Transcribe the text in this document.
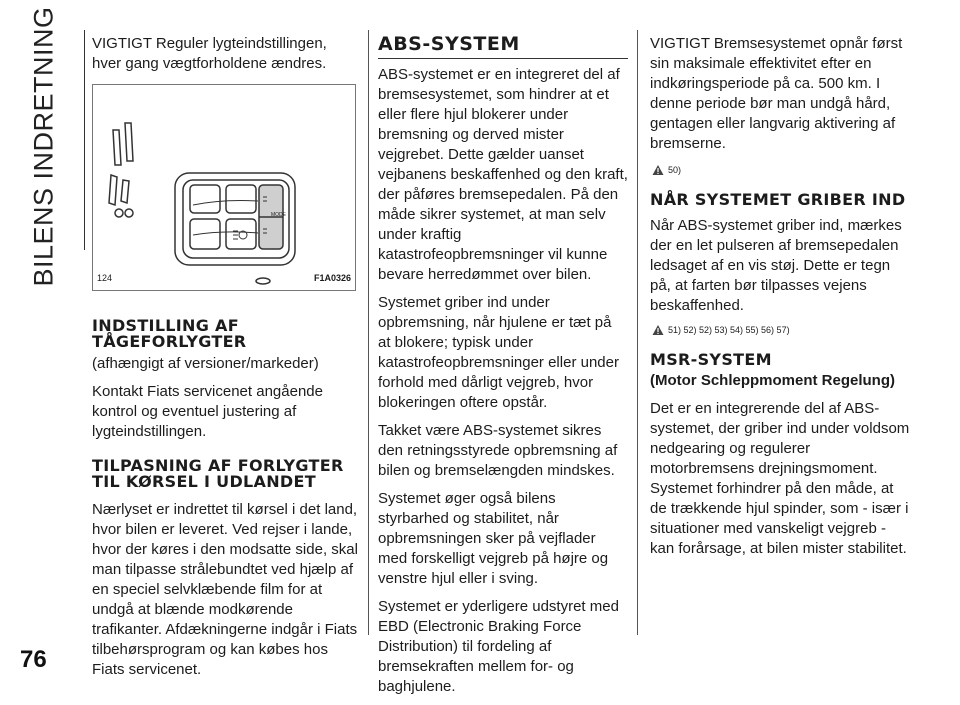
BILENS INDRETNING
76

VIGTIGT Reguler lygteindstillingen, hver gang vægtforholdene ændres.

MODE
124	F1A0326
INDSTILLING AF TÅGEFORLYGTER

(afhængigt af versioner/markeder)

Kontakt Fiats servicenet angående kontrol og eventuel justering af lygteindstillingen.

TILPASNING AF FORLYGTER TIL KØRSEL I UDLANDET

Nærlyset er indrettet til kørsel i det land, hvor bilen er leveret. Ved rejser i lande, hvor der køres i den modsatte side, skal man tilpasse strålebundtet ved hjælp af en speciel selvklæbende film for at undgå at blænde modkørende trafikanter. Afdækningerne indgår i Fiats tilbehørsprogram og kan købes hos Fiats servicenet.

ABS-SYSTEM

ABS-systemet er en integreret del af bremsesystemet, som hindrer at et eller flere hjul blokerer under bremsning og derved mister vejgrebet. Dette gælder uanset vejbanens beskaffenhed og den kraft, der påføres bremsepedalen. På den måde sikrer systemet, at man selv under kraftig katastrofeopbremsninger vil kunne bevare herredømmet over bilen.

Systemet griber ind under opbremsning, når hjulene er tæt på at blokere; typisk under katastrofeopbremsninger eller under forhold med dårligt vejgreb, hvor blokeringen oftere opstår.

Takket være ABS-systemet sikres den retningsstyrede opbremsning af bilen og bremselængden mindskes.

Systemet øger også bilens styrbarhed og stabilitet, når opbremsningen sker på vejflader med forskelligt vejgreb på højre og venstre hjul eller i sving.

Systemet er yderligere udstyret med EBD (Electronic Braking Force Distribution) til fordeling af bremsekraften mellem for- og baghjulene.

VIGTIGT Bremsesystemet opnår først sin maksimale effektivitet efter en indkøringsperiode på ca. 500 km. I denne periode bør man undgå hård, gentagen eller langvarig aktivering af bremserne.

50)
NÅR SYSTEMET GRIBER IND

Når ABS-systemet griber ind, mærkes der en let pulseren af bremsepedalen ledsaget af en vis støj. Dette er tegn på, at farten bør tilpasses vejens beskaffenhed.

51) 52) 52) 53) 54) 55) 56) 57)
MSR-SYSTEM

(Motor Schleppmoment Regelung)

Det er en integrerende del af ABS-systemet, der griber ind under voldsom nedgearing og regulerer motorbremsens drejningsmoment. Systemet forhindrer på den måde, at de trækkende hjul spinder, som - især i situationer med vanskeligt vejgreb - kan forårsage, at bilen mister stabilitet.
